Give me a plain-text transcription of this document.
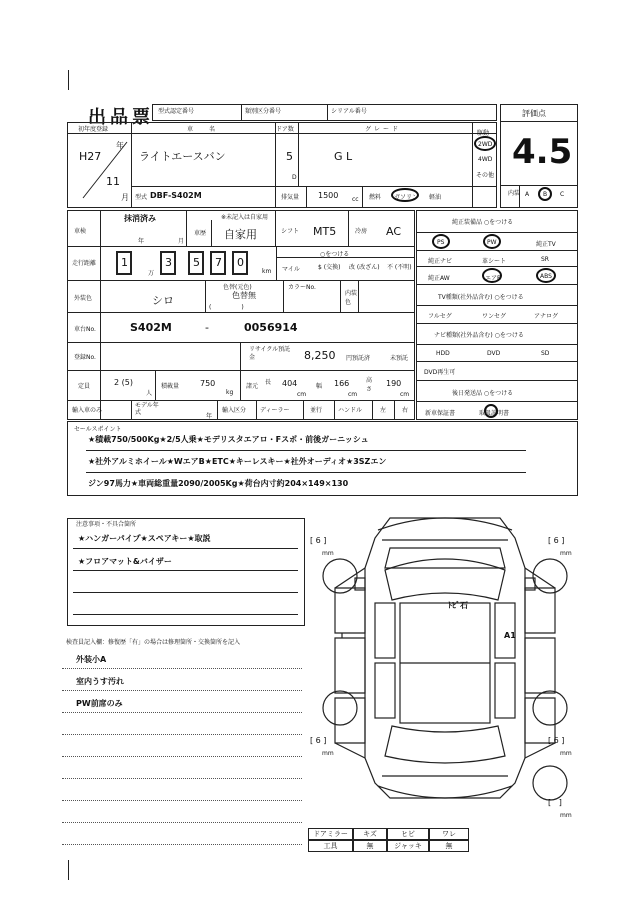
出品票 型式認定番号	類別区分番号	シリアル番号	評価点
4.5
初年度登録	車名	ドア数	グレード
H27
年
11
月
ライトエースバン	5
D
G L
駆動
2WD
4WD
その他
型式 DBF-S402M	排気量 1500 cc 燃料 ガソリン 軽油
内装 A B C
車検
抹消済み
年	月
※未記入は自家用
車歴 自家用	シフト MT5	冷房 AC
走行距離 1
万
3 5 7 0
km
○をつける
マイル	$ (交換) 改 (改ざん) 不 (不明)
外装色	シロ
色替(元色)
色替無
(　　　　　)
カラーNo.
内装色
車台No.	S402M	-	0056914
登録No.
リサイクル預託金	8,250 円預託済	未預託
定員	2 (5)
人
積載量	750
kg
諸元
長 404
cm
幅 166
cm
高さ
190
cm
輸入車のみ
モデル年式
年
輸入区分 ディーラー	並行	ハンドル	左	右
純正装備品 ○をつける
PS	PW	純正TV
純正ナビ	革シート	SR
純正AW	エアB	ABS
TV種類(社外品含む) ○をつける
フルセグ	ワンセグ	アナログ
ナビ種類(社外品含む) ○をつける
HDD	DVD	SD
DVD再生可
後日発送品 ○をつける
新車保証書	取扱説明書
セールスポイント
★積載750/500Kg★2/5人乗★モデリスタエアロ・Fスポ・前後ガーニッシュ
★社外アルミホイール★WエアB★ETC★キーレスキー★社外オーディオ★3SZエン
ジン97馬力★車両総重量2090/2005Kg★荷台内寸約204×149×130
注意事項・不具合箇所
★ハンガーパイプ★スペアキー★取説
★フロアマット&バイザー
検査員記入欄：修復歴「有」の場合は修理箇所・交換箇所を記入
外装小A
室内うす汚れ
PW前席のみ
[ 6 ]
mm
[ 6 ]
mm
[ 6 ]
mm
[ 6 ]
mm
[   ]
mm
ﾄﾋﾞ石
A1
ドアミラー	キズ	ヒビ	ワレ
工具	無	ジャッキ	無
